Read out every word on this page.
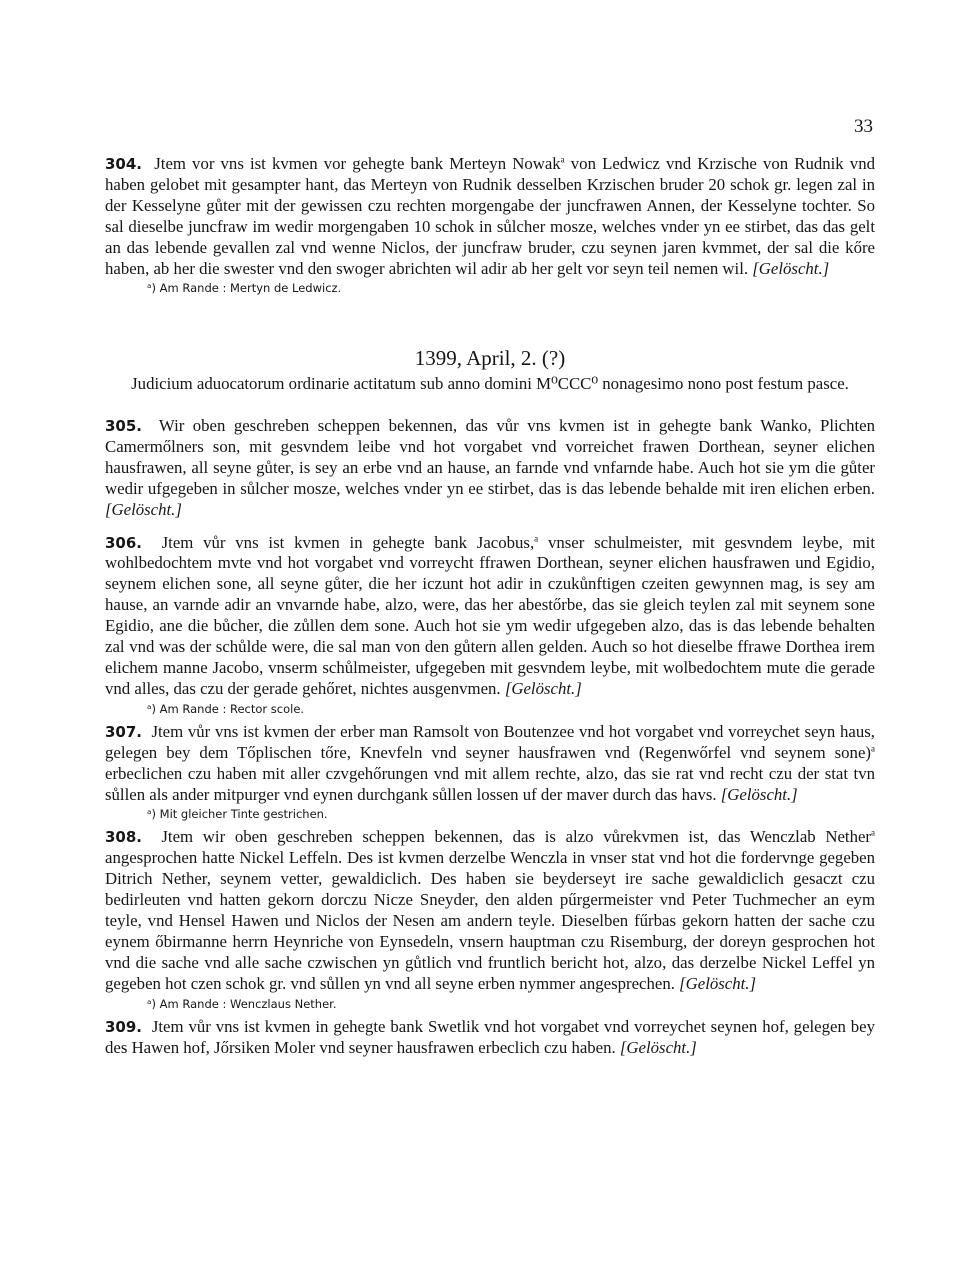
33

304. Jtem vor vns ist kvmen vor gehegte bank Merteyn Nowak$^a$ von Ledwicz vnd Krzische von Rudnik vnd haben gelobet mit gesampter hant, das Merteyn von Rudnik desselben Krzischen bruder 20 schok gr. legen zal in der Kesselyne gůter mit der gewissen czu rechten morgengabe der juncfrawen Annen, der Kesselyne tochter. So sal dieselbe juncfraw im wedir morgengaben 10 schok in sůlcher mosze, welches vnder yn ee stirbet, das das gelt an das lebende gevallen zal vnd wenne Niclos, der juncfraw bruder, czu seynen jaren kvmmet, der sal die kőre haben, ab her die swester vnd den swoger abrichten wil adir ab her gelt vor seyn teil nemen wil. [Gelöscht.]

ᵃ) Am Rande : Mertyn de Ledwicz.
1399, April, 2. (?)
Judicium aduocatorum ordinarie actitatum sub anno domini M⁰CCC⁰ nonagesimo nono post festum pasce.

305. Wir oben geschreben scheppen bekennen, das vůr vns kvmen ist in gehegte bank Wanko, Plichten Camermőlners son, mit gesvndem leibe vnd hot vorgabet vnd vorreichet frawen Dorthean, seyner elichen hausfrawen, all seyne gůter, is sey an erbe vnd an hause, an farnde vnd vnfarnde habe. Auch hot sie ym die gůter wedir ufgegeben in sůlcher mosze, welches vnder yn ee stirbet, das is das lebende behalde mit iren elichen erben. [Gelöscht.]

306. Jtem vůr vns ist kvmen in gehegte bank Jacobus,$^a$ vnser schulmeister, mit gesvndem leybe, mit wohlbedochtem mvte vnd hot vorgabet vnd vorreycht ffrawen Dorthean, seyner elichen hausfrawen und Egidio, seynem elichen sone, all seyne gůter, die her iczunt hot adir in czukůnftigen czeiten gewynnen mag, is sey am hause, an varnde adir an vnvarnde habe, alzo, were, das her abestőrbe, das sie gleich teylen zal mit seynem sone Egidio, ane die bůcher, die zůllen dem sone. Auch hot sie ym wedir ufgegeben alzo, das is das lebende behalten zal vnd was der schůlde were, die sal man von den gůtern allen gelden. Auch so hot dieselbe ffrawe Dorthea irem elichem manne Jacobo, vnserm schůlmeister, ufgegeben mit gesvndem leybe, mit wolbedochtem mute die gerade vnd alles, das czu der gerade gehőret, nichtes ausgenvmen. [Gelöscht.]

ᵃ) Am Rande : Rector scole.

307. Jtem vůr vns ist kvmen der erber man Ramsolt von Boutenzee vnd hot vorgabet vnd vorreychet seyn haus, gelegen bey dem Tőplischen tőre, Knevfeln vnd seyner hausfrawen vnd (Regenwőrfel vnd seynem sone)$^a$ erbeclichen czu haben mit aller czvgehőrungen vnd mit allem rechte, alzo, das sie rat vnd recht czu der stat tvn sůllen als ander mitpurger vnd eynen durchgank sůllen lossen uf der maver durch das havs. [Gelöscht.]

ᵃ) Mit gleicher Tinte gestrichen.

308. Jtem wir oben geschreben scheppen bekennen, das is alzo vůrekvmen ist, das Wenczlab Nether$^a$ angesprochen hatte Nickel Leffeln. Des ist kvmen derzelbe Wenczla in vnser stat vnd hot die fordervnge gegeben Ditrich Nether, seynem vetter, gewaldiclich. Des haben sie beyderseyt ire sache gewaldiclich gesaczt czu bedirleuten vnd hatten gekorn dorczu Nicze Sneyder, den alden pűrgermeister vnd Peter Tuchmecher an eym teyle, vnd Hensel Hawen und Niclos der Nesen am andern teyle. Dieselben fűrbas gekorn hatten der sache czu eynem őbirmanne herrn Heynriche von Eynsedeln, vnsern hauptman czu Risemburg, der doreyn gesprochen hot vnd die sache vnd alle sache czwischen yn gůtlich vnd fruntlich bericht hot, alzo, das derzelbe Nickel Leffel yn gegeben hot czen schok gr. vnd sůllen yn vnd all seyne erben nymmer angesprechen. [Gelöscht.]

ᵃ) Am Rande : Wenczlaus Nether.

309. Jtem vůr vns ist kvmen in gehegte bank Swetlik vnd hot vorgabet vnd vorreychet seynen hof, gelegen bey des Hawen hof, Jőrsiken Moler vnd seyner hausfrawen erbeclich czu haben. [Gelöscht.]
